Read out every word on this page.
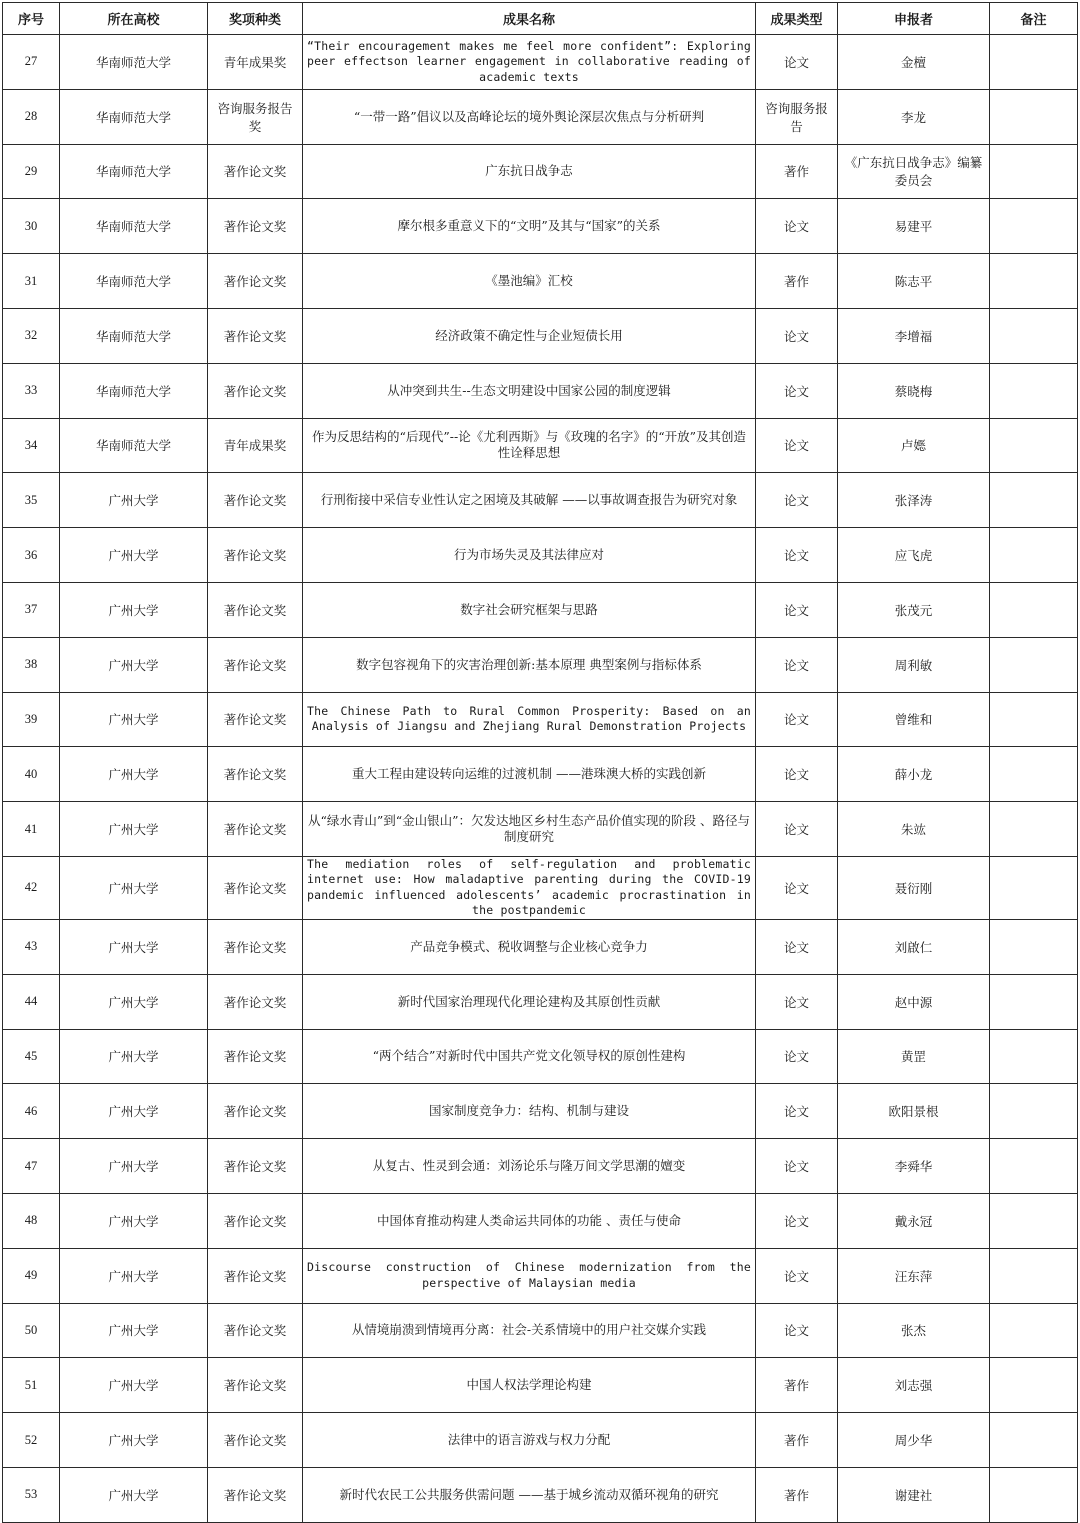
序号	所在高校	奖项种类	成果名称	成果类型	申报者	备注
27	华南师范大学	青年成果奖	“Their encouragement makes me feel more confident”: Exploring peer effectson learner engagement in collaborative reading of academic texts	论文	金檀	
28	华南师范大学	咨询服务报告奖	“一带一路”倡议以及高峰论坛的境外舆论深层次焦点与分析研判	咨询服务报告	李龙	
29	华南师范大学	著作论文奖	广东抗日战争志	著作	《广东抗日战争志》编纂委员会	
30	华南师范大学	著作论文奖	摩尔根多重意义下的“文明”及其与“国家”的关系	论文	易建平	
31	华南师范大学	著作论文奖	《墨池编》汇校	著作	陈志平	
32	华南师范大学	著作论文奖	经济政策不确定性与企业短债长用	论文	李增福	
33	华南师范大学	著作论文奖	从冲突到共生--生态文明建设中国家公园的制度逻辑	论文	蔡晓梅	
34	华南师范大学	青年成果奖	作为反思结构的“后现代”--论《尤利西斯》与《玫瑰的名字》的“开放”及其创造性诠释思想	论文	卢嫕	
35	广州大学	著作论文奖	行刑衔接中采信专业性认定之困境及其破解 ——以事故调查报告为研究对象	论文	张泽涛	
36	广州大学	著作论文奖	行为市场失灵及其法律应对	论文	应飞虎	
37	广州大学	著作论文奖	数字社会研究框架与思路	论文	张茂元	
38	广州大学	著作论文奖	数字包容视角下的灾害治理创新:基本原理 典型案例与指标体系	论文	周利敏	
39	广州大学	著作论文奖	The Chinese Path to Rural Common Prosperity: Based on an Analysis of Jiangsu and Zhejiang Rural Demonstration Projects	论文	曾维和	
40	广州大学	著作论文奖	重大工程由建设转向运维的过渡机制 ——港珠澳大桥的实践创新	论文	薛小龙	
41	广州大学	著作论文奖	从“绿水青山”到“金山银山”：欠发达地区乡村生态产品价值实现的阶段 、路径与制度研究	论文	朱竑	
42	广州大学	著作论文奖	The mediation roles of self‑regulation and problematic internet use: How maladaptive parenting during the COVID‑19 pandemic influenced adolescents’ academic procrastination in the postpandemic	论文	聂衍刚	
43	广州大学	著作论文奖	产品竞争模式、税收调整与企业核心竞争力	论文	刘啟仁	
44	广州大学	著作论文奖	新时代国家治理现代化理论建构及其原创性贡献	论文	赵中源	
45	广州大学	著作论文奖	“两个结合”对新时代中国共产党文化领导权的原创性建构	论文	黄罡	
46	广州大学	著作论文奖	国家制度竞争力：结构、机制与建设	论文	欧阳景根	
47	广州大学	著作论文奖	从复古、性灵到会通：刘汤论乐与隆万间文学思潮的嬗变	论文	李舜华	
48	广州大学	著作论文奖	中国体育推动构建人类命运共同体的功能 、责任与使命	论文	戴永冠	
49	广州大学	著作论文奖	Discourse construction of Chinese modernization from the perspective of Malaysian media	论文	汪东萍	
50	广州大学	著作论文奖	从情境崩溃到情境再分离：社会-关系情境中的用户社交媒介实践	论文	张杰	
51	广州大学	著作论文奖	中国人权法学理论构建	著作	刘志强	
52	广州大学	著作论文奖	法律中的语言游戏与权力分配	著作	周少华	
53	广州大学	著作论文奖	新时代农民工公共服务供需问题 ——基于城乡流动双循环视角的研究	著作	谢建社	
